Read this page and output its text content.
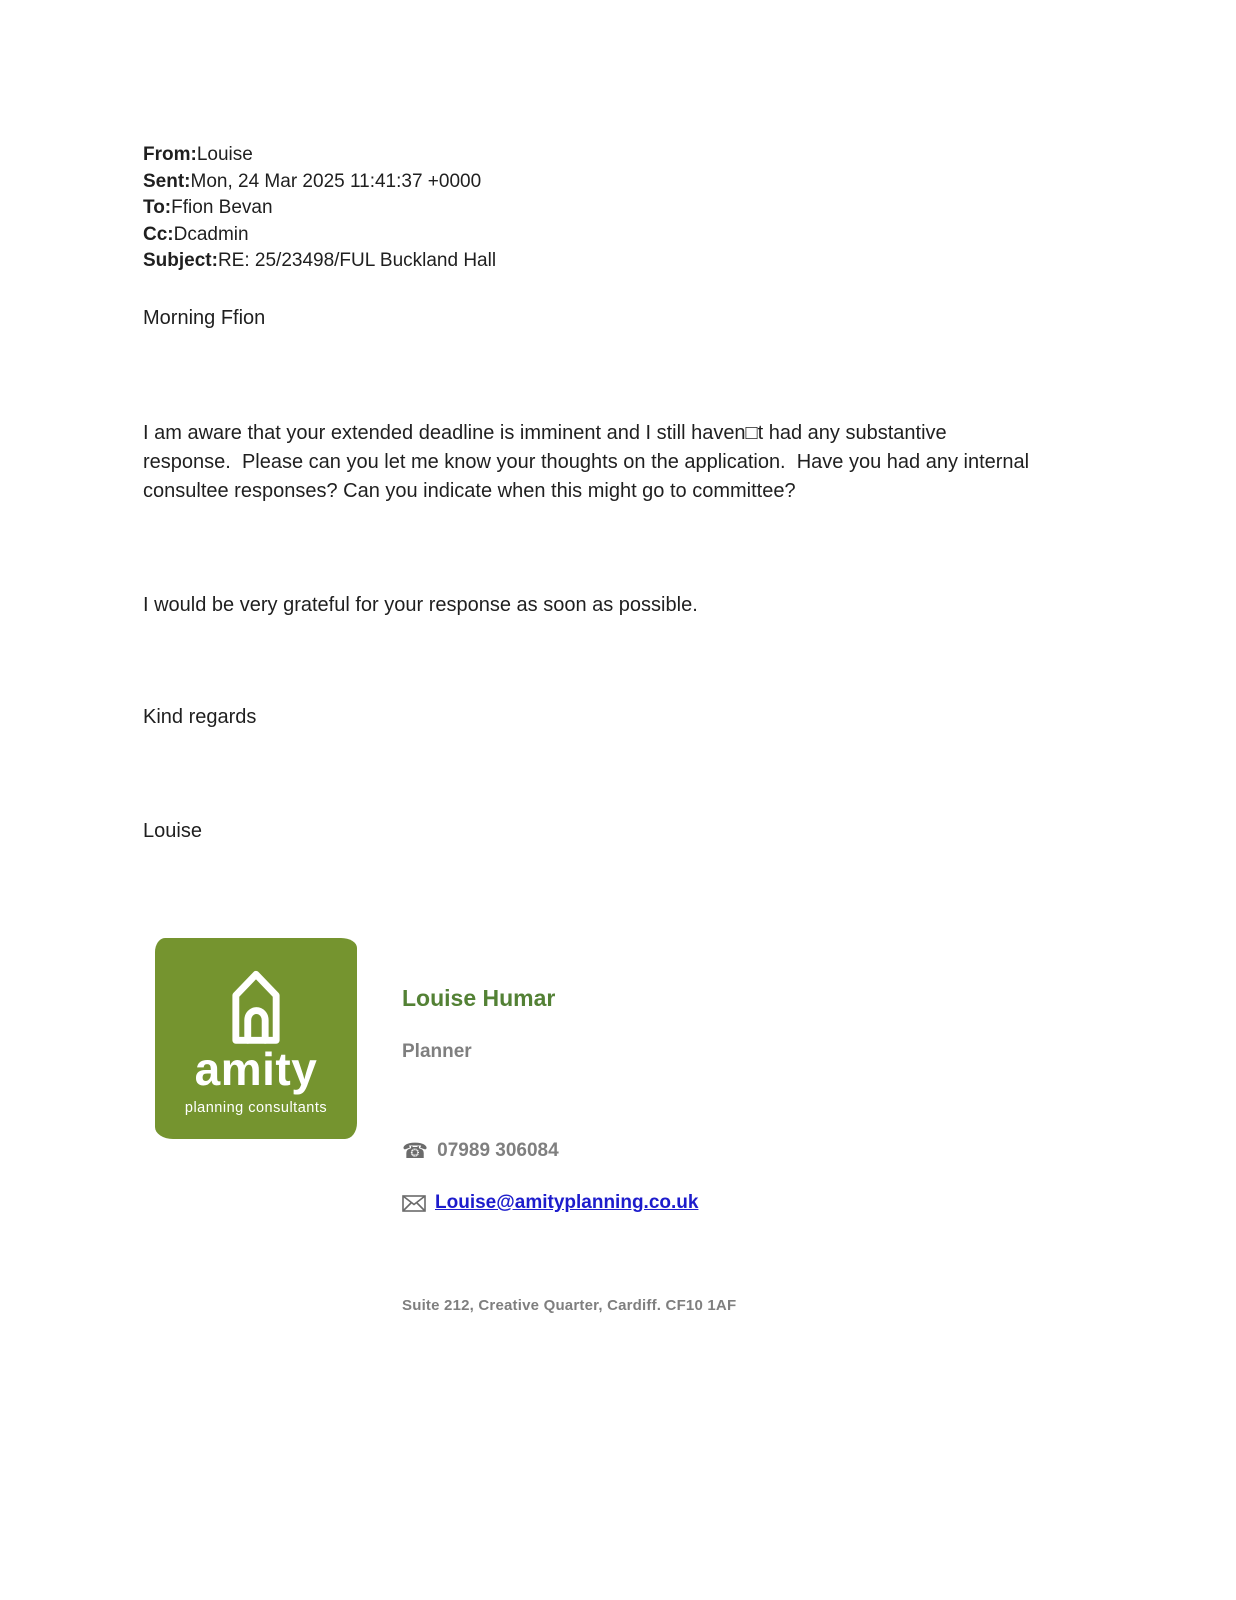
From:Louise
Sent:Mon, 24 Mar 2025 11:41:37 +0000
To:Ffion Bevan
Cc:Dcadmin
Subject:RE: 25/23498/FUL Buckland Hall
Morning Ffion
I am aware that your extended deadline is imminent and I still haven□t had any substantive response.  Please can you let me know your thoughts on the application.  Have you had any internal consultee responses? Can you indicate when this might go to committee?
I would be very grateful for your response as soon as possible.
Kind regards
Louise
amity
planning consultants
Louise Humar
Planner
☎ 07989 306084
Louise@amityplanning.co.uk
Suite 212, Creative Quarter, Cardiff. CF10 1AF
